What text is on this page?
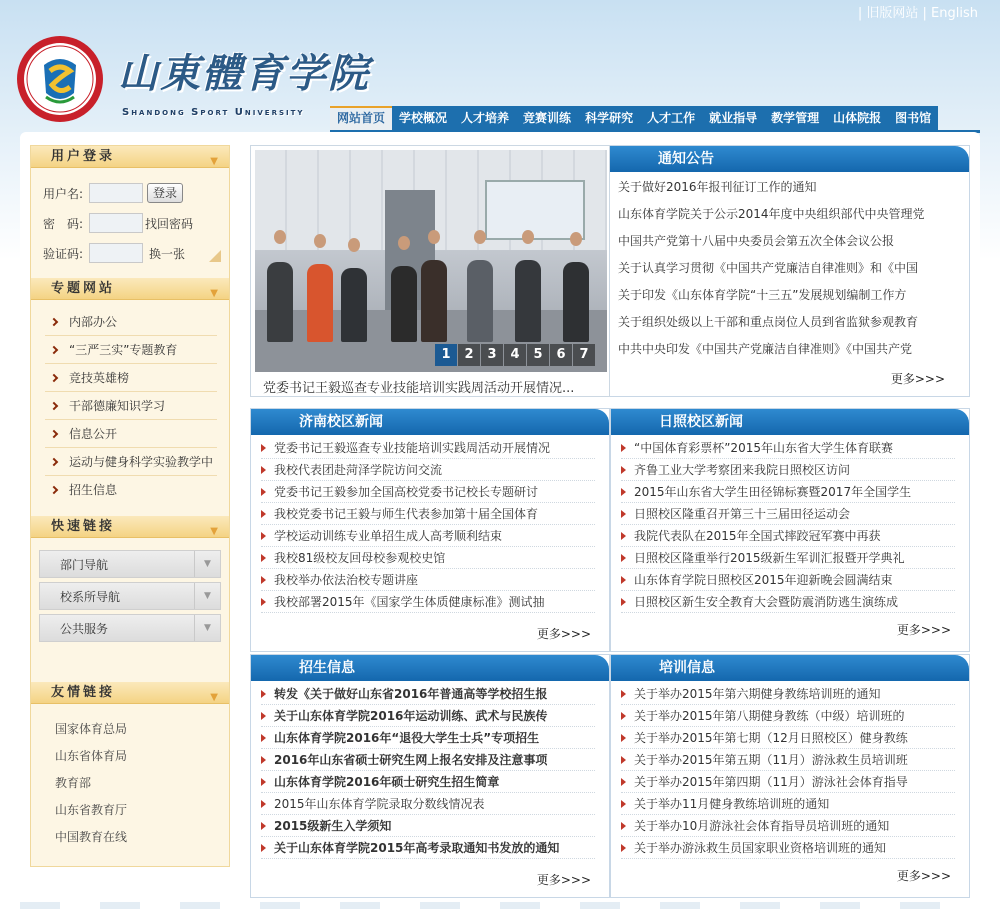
| 旧版网站 | English
山東體育学院
Shandong Sport University	网站首页	学校概况	人才培养	竞赛训练	科学研究	人才工作	就业指导	教学管理	山体院报	图书馆
用户登录	▼
用户名:	登录
密　码:	找回密码
验证码:	换一张
专题网站	▼
内部办公
“三严三实”专题教育
竞技英雄榜
干部德廉知识学习
信息公开
运动与健身科学实验教学中
招生信息
快速链接	▼
部门导航	▼
校系所导航	▼
公共服务	▼
友情链接	▼
国家体育总局
山东省体育局
教育部
山东省教育厅
中国教育在线
1	2	3	4	5	6	7
党委书记王毅巡查专业技能培训实践周活动开展情况...
通知公告
关于做好2016年报刊征订工作的通知
山东体育学院关于公示2014年度中央组织部代中央管理党
中国共产党第十八届中央委员会第五次全体会议公报
关于认真学习贯彻《中国共产党廉洁自律准则》和《中国
关于印发《山东体育学院“十三五”发展规划编制工作方
关于组织处级以上干部和重点岗位人员到省监狱参观教育
中共中央印发《中国共产党廉洁自律准则》《中国共产党
更多>>>
济南校区新闻
党委书记王毅巡查专业技能培训实践周活动开展情况
我校代表团赴菏泽学院访问交流
党委书记王毅参加全国高校党委书记校长专题研讨
我校党委书记王毅与师生代表参加第十届全国体育
学校运动训练专业单招生成人高考顺利结束
我校81级校友回母校参观校史馆
我校举办依法治校专题讲座
我校部署2015年《国家学生体质健康标准》测试抽
更多>>>
日照校区新闻
“中国体育彩票杯”2015年山东省大学生体育联赛
齐鲁工业大学考察团来我院日照校区访问
2015年山东省大学生田径锦标赛暨2017年全国学生
日照校区隆重召开第三十三届田径运动会
我院代表队在2015年全国式摔跤冠军赛中再获
日照校区隆重举行2015级新生军训汇报暨开学典礼
山东体育学院日照校区2015年迎新晚会圆满结束
日照校区新生安全教育大会暨防震消防逃生演练成
更多>>>
招生信息
转发《关于做好山东省2016年普通高等学校招生报
关于山东体育学院2016年运动训练、武术与民族传
山东体育学院2016年“退役大学生士兵”专项招生
2016年山东省硕士研究生网上报名安排及注意事项
山东体育学院2016年硕士研究生招生简章
2015年山东体育学院录取分数线情况表
2015级新生入学须知
关于山东体育学院2015年高考录取通知书发放的通知
更多>>>
培训信息
关于举办2015年第六期健身教练培训班的通知
关于举办2015年第八期健身教练（中级）培训班的
关于举办2015年第七期（12月日照校区）健身教练
关于举办2015年第五期（11月）游泳救生员培训班
关于举办2015年第四期（11月）游泳社会体育指导
关于举办11月健身教练培训班的通知
关于举办10月游泳社会体育指导员培训班的通知
关于举办游泳救生员国家职业资格培训班的通知
更多>>>
